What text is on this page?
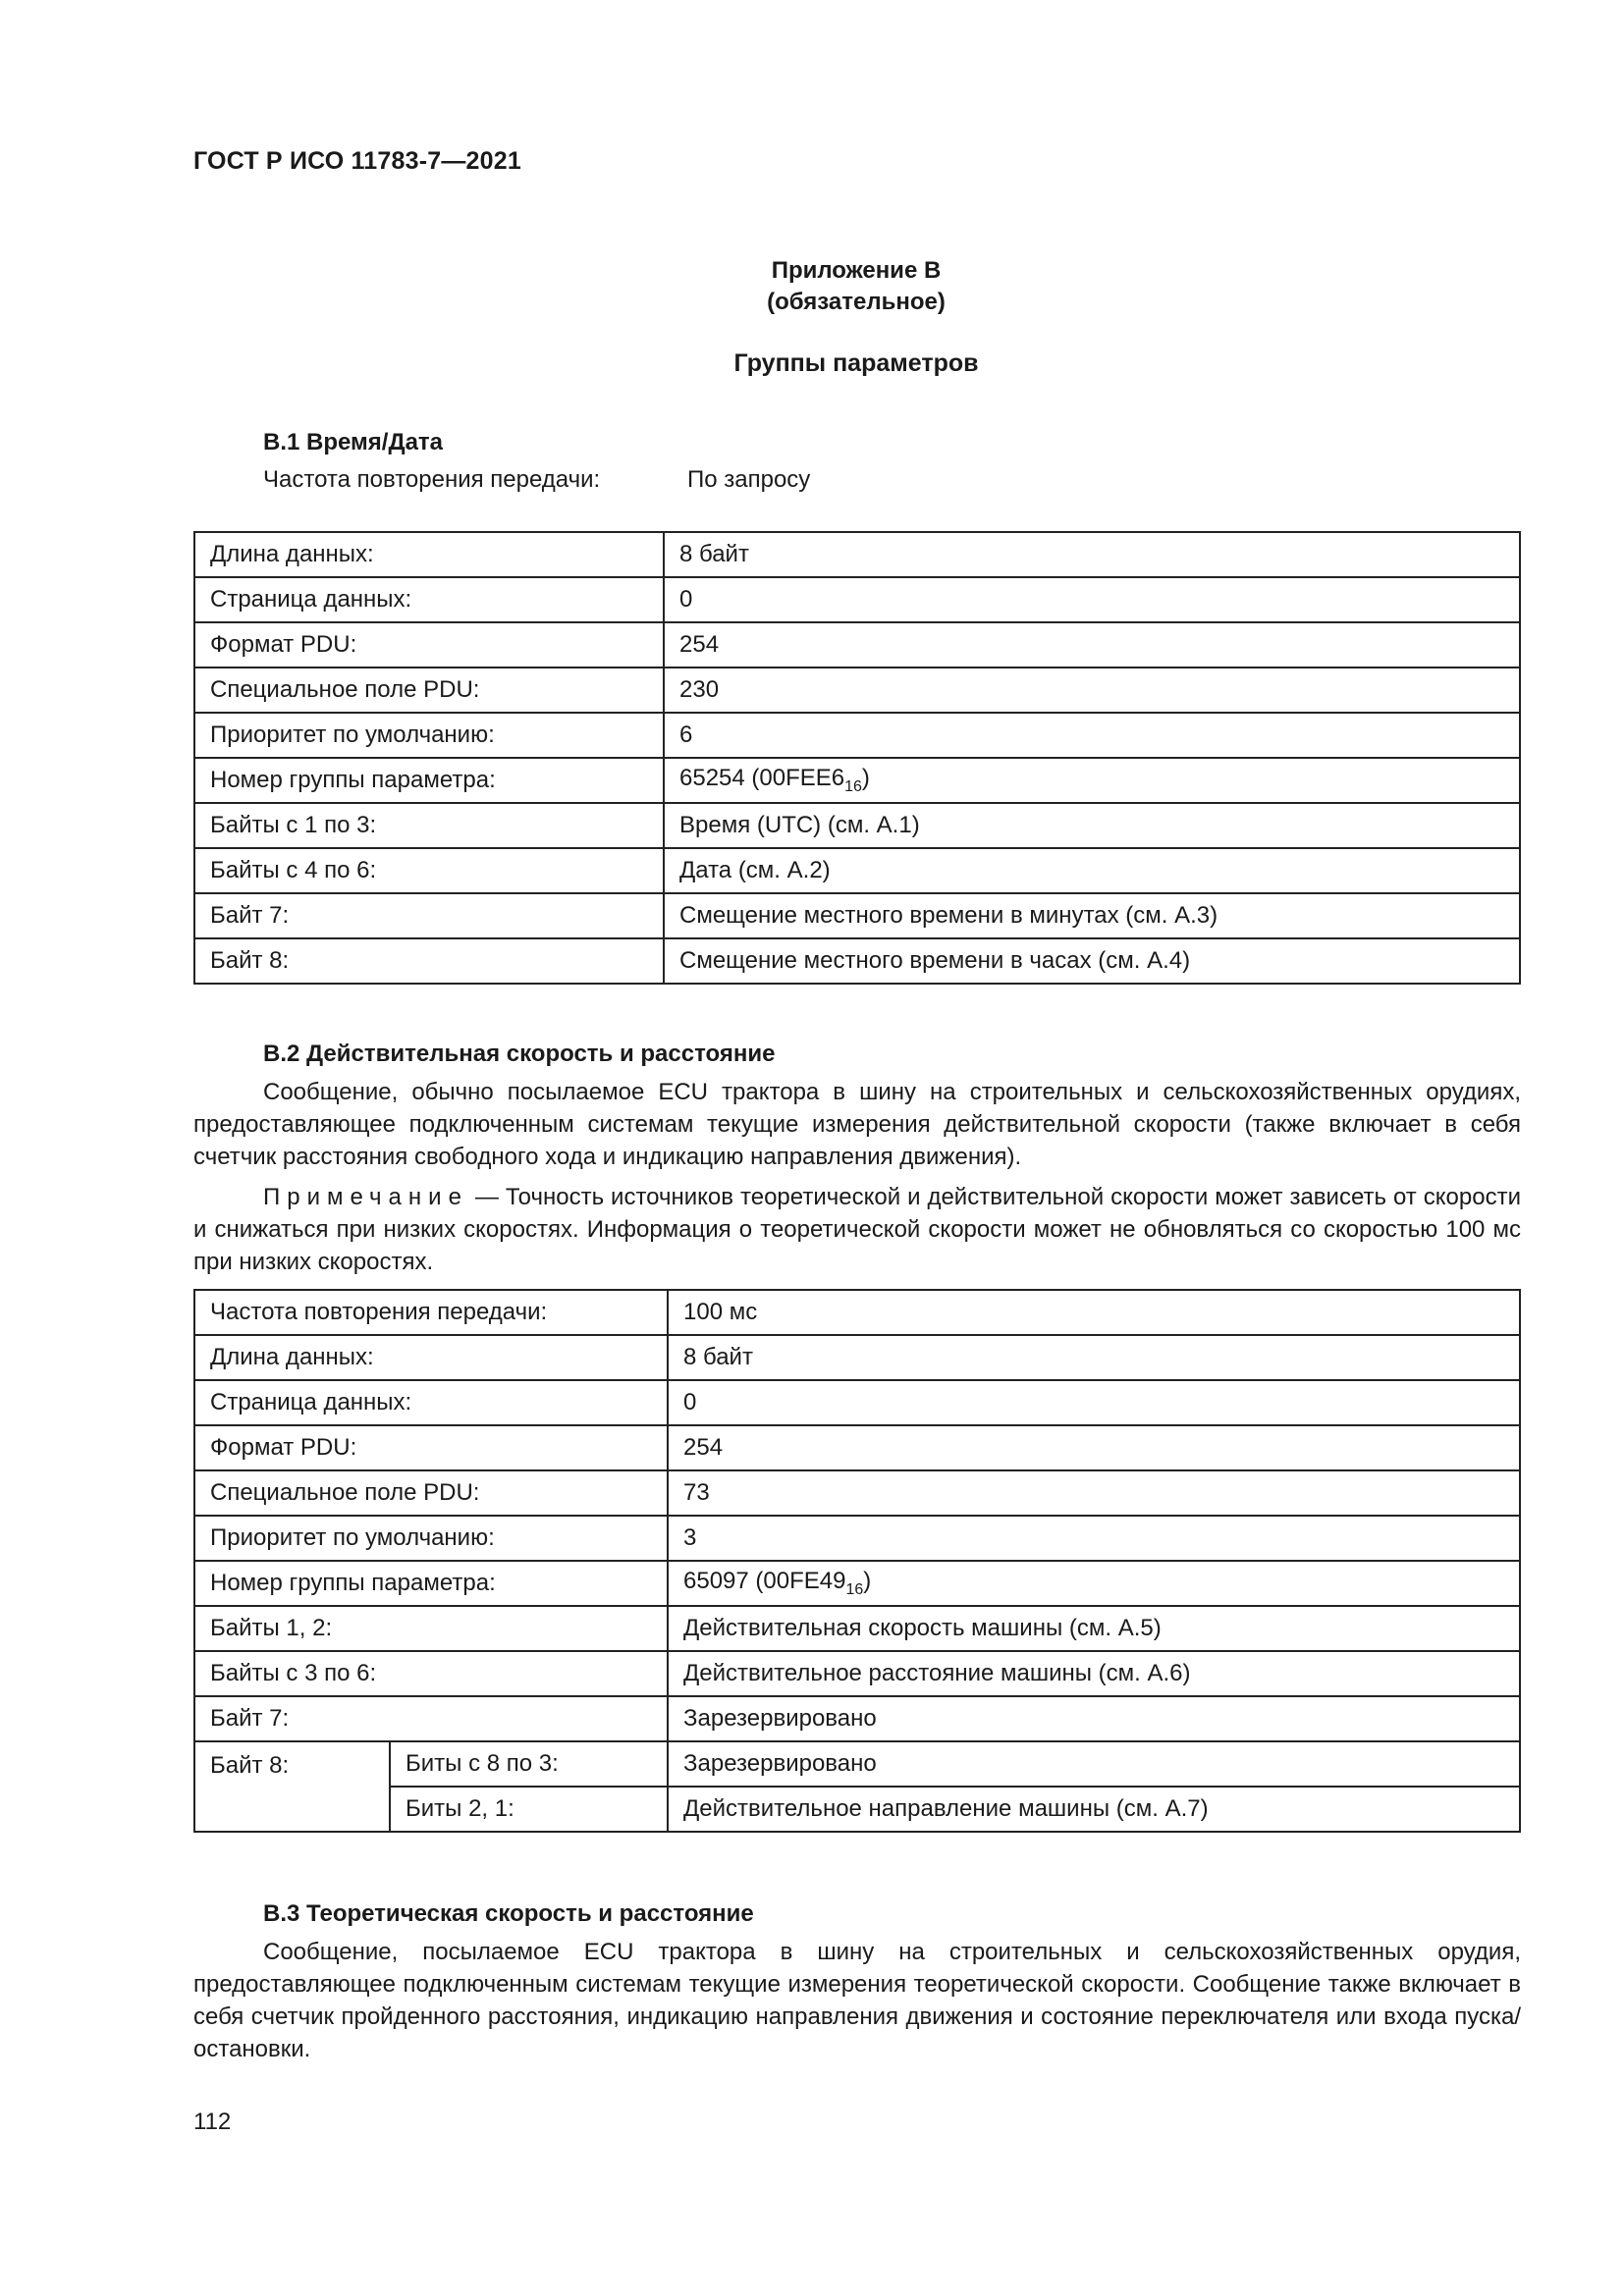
ГОСТ Р ИСО 11783-7—2021
Приложение В
(обязательное)
Группы параметров
В.1 Время/Дата
Частота повторения передачи:	По запросу
Длина данных:	8 байт
Страница данных:	0
Формат PDU:	254
Специальное поле PDU:	230
Приоритет по умолчанию:	6
Номер группы параметра:	65254 $(00FEE6_{16})$
Байты с 1 по 3:	Время (UTC) (см. А.1)
Байты с 4 по 6:	Дата (см. А.2)
Байт 7:	Смещение местного времени в минутах (см. А.3)
Байт 8:	Смещение местного времени в часах (см. А.4)
В.2 Действительная скорость и расстояние

Сообщение, обычно посылаемое ECU трактора в шину на строительных и сельскохозяйственных орудиях, предоставляющее подключенным системам текущие измерения действительной скорости (также включает в себя счетчик расстояния свободного хода и индикацию направления движения).

Примечание — Точность источников теоретической и действительной скорости может зависеть от скорости и снижаться при низких скоростях. Информация о теоретической скорости может не обновляться со скоростью 100 мс при низких скоростях.

Частота повторения передачи:		100 мс
Длина данных:		8 байт
Страница данных:		0
Формат PDU:		254
Специальное поле PDU:		73
Приоритет по умолчанию:		3
Номер группы параметра:		65097 $(00FE49_{16})$
Байты 1, 2:		Действительная скорость машины (см. А.5)
Байты с 3 по 6:		Действительное расстояние машины (см. А.6)
Байт 7:		Зарезервировано
Байт 8:	Биты с 8 по 3:	Зарезервировано
	Биты 2, 1:	Действительное направление машины (см. А.7)
В.3 Теоретическая скорость и расстояние

Сообщение, посылаемое ECU трактора в шину на строительных и сельскохозяйственных орудия, предоставляющее подключенным системам текущие измерения теоретической скорости. Сообщение также включает в себя счетчик пройденного расстояния, индикацию направления движения и состояние переключателя или входа пуска/остановки.

112
